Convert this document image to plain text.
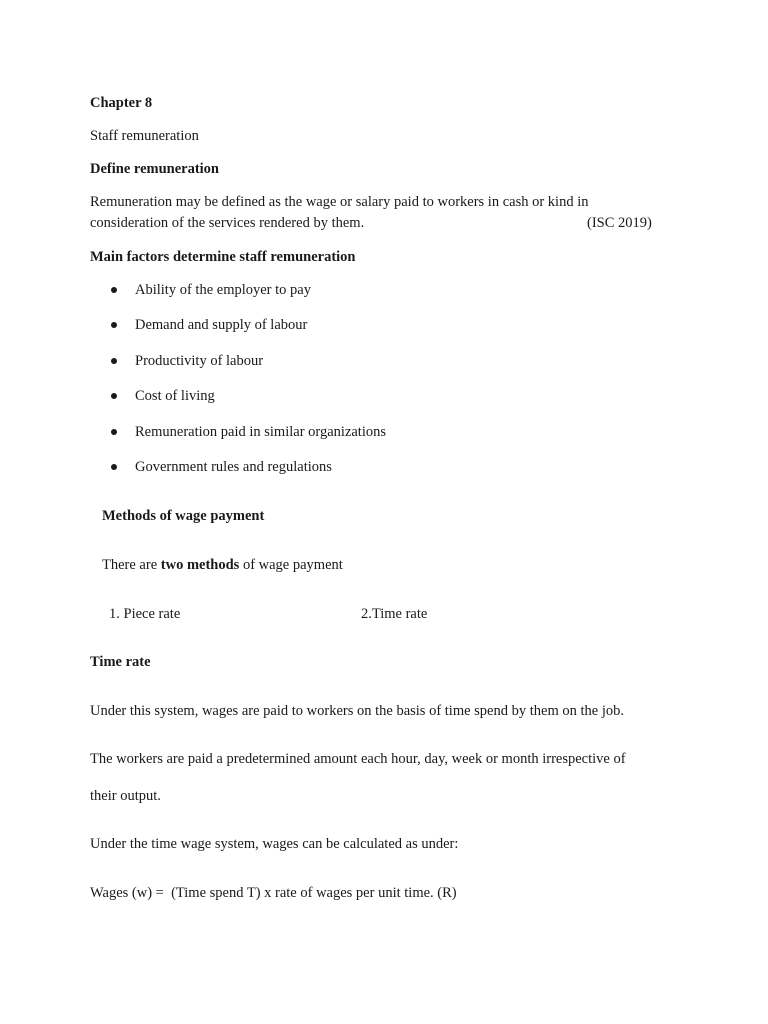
Chapter 8
Staff remuneration
Define remuneration
Remuneration may be defined as the wage or salary paid to workers in cash or kind in
consideration of the services rendered by them.	(ISC 2019)
Main factors determine staff remuneration
Ability of the employer to pay
Demand and supply of labour
Productivity of labour
Cost of living
Remuneration paid in similar organizations
Government rules and regulations
Methods of wage payment
There are two methods of wage payment
1. Piece rate	2.Time rate
Time rate
Under this system, wages are paid to workers on the basis of time spend by them on the job.
The workers are paid a predetermined amount each hour, day, week or month irrespective of
their output.
Under the time wage system, wages can be calculated as under:
Wages (w) =  (Time spend T) x rate of wages per unit time. (R)
